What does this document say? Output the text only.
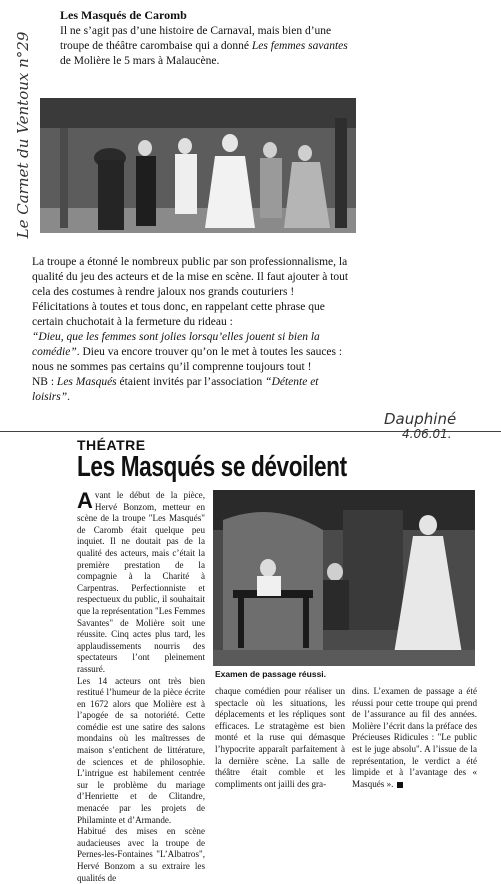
Le Carnet du Ventoux n°29
Les Masqués de Caromb
Il ne s’agit pas d’une histoire de Carnaval, mais bien d’une troupe de théâtre carombaise qui a donné Les femmes savantes de Molière le 5 mars à Malaucène.

La troupe a étonné le nombreux public par son professionnalisme, la qualité du jeu des acteurs et de la mise en scène. Il faut ajouter à tout cela des costumes à rendre jaloux nos grands couturiers ! Félicitations à toutes et tous donc, en rappelant cette phrase que certain chuchotait à la fermeture du rideau :

“Dieu, que les femmes sont jolies lorsqu’elles jouent si bien la comédie”. Dieu va encore trouver qu’on le met à toutes les sauces : nous ne sommes pas certains qu’il comprenne toujours tout !

NB : Les Masqués étaient invités par l’association “Détente et loisirs”.

Dauphiné
4.06.01.
THÉATRE
Les Masqués se dévoilent

Avant le début de la pièce, Hervé Bonzom, metteur en scène de la troupe "Les Masqués" de Caromb était quelque peu inquiet. Il ne doutait pas de la qualité des acteurs, mais c’était la première prestation de la compagnie à la Charité à Carpentras. Perfectionniste et respectueux du public, il souhaitait que la représentation "Les Femmes Savantes" de Molière soit une réussite. Cinq actes plus tard, les applaudissements nourris des spectateurs l’ont pleinement rassuré.

Les 14 acteurs ont très bien restitué l’humeur de la pièce écrite en 1672 alors que Molière est à l’apogée de sa notoriété. Cette comédie est une satire des salons mondains où les maîtresses de maison s’entichent de littérature, de sciences et de philosophie. L’intrigue est habilement centrée sur le problème du mariage d’Henriette et de Clitandre, menacée par les projets de Philaminte et d’Armande.

Habitué des mises en scène audacieuses avec la troupe de Pernes-les-Fontaines "L’Albatros", Hervé Bonzom a su extraire les qualités de

Examen de passage réussi.

chaque comédien pour réaliser un spectacle où les situations, les déplacements et les répliques sont efficaces. Le stratagème est bien monté et la ruse qui démasque l’hypocrite apparaît parfaitement à la dernière scène. La salle de théâtre était comble et les compliments ont jailli des gra-

dins. L’examen de passage a été réussi pour cette troupe qui prend de l’assurance au fil des années. Molière l’écrit dans la préface des Précieuses Ridicules : "Le public est le juge absolu". A l’issue de la représentation, le verdict a été limpide et à l’avantage des « Masqués ».
